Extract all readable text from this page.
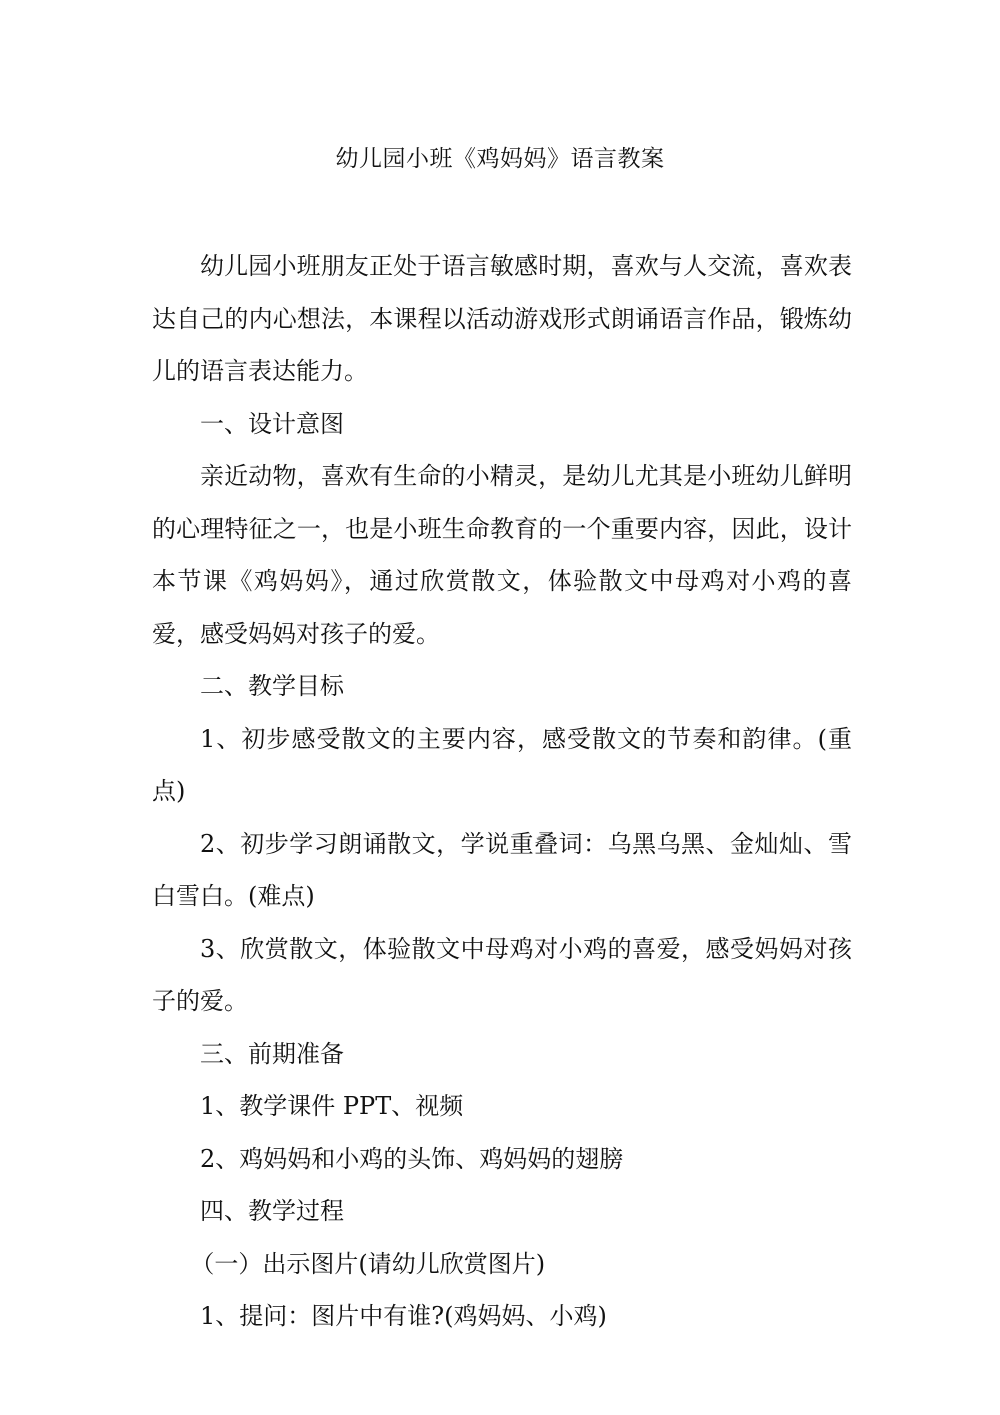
幼儿园小班《鸡妈妈》语言教案

幼儿园小班朋友正处于语言敏感时期，喜欢与人交流，喜欢表达自己的内心想法，本课程以活动游戏形式朗诵语言作品，锻炼幼儿的语言表达能力。

一、设计意图

亲近动物，喜欢有生命的小精灵，是幼儿尤其是小班幼儿鲜明的心理特征之一，也是小班生命教育的一个重要内容，因此，设计本节课《鸡妈妈》，通过欣赏散文，体验散文中母鸡对小鸡的喜爱，感受妈妈对孩子的爱。

二、教学目标

1、初步感受散文的主要内容，感受散文的节奏和韵律。(重点)

2、初步学习朗诵散文，学说重叠词：乌黑乌黑、金灿灿、雪白雪白。(难点)

3、欣赏散文，体验散文中母鸡对小鸡的喜爱，感受妈妈对孩子的爱。

三、前期准备

1、教学课件 PPT、视频

2、鸡妈妈和小鸡的头饰、鸡妈妈的翅膀

四、教学过程

（一）出示图片(请幼儿欣赏图片)

1、提问：图片中有谁?(鸡妈妈、小鸡)
